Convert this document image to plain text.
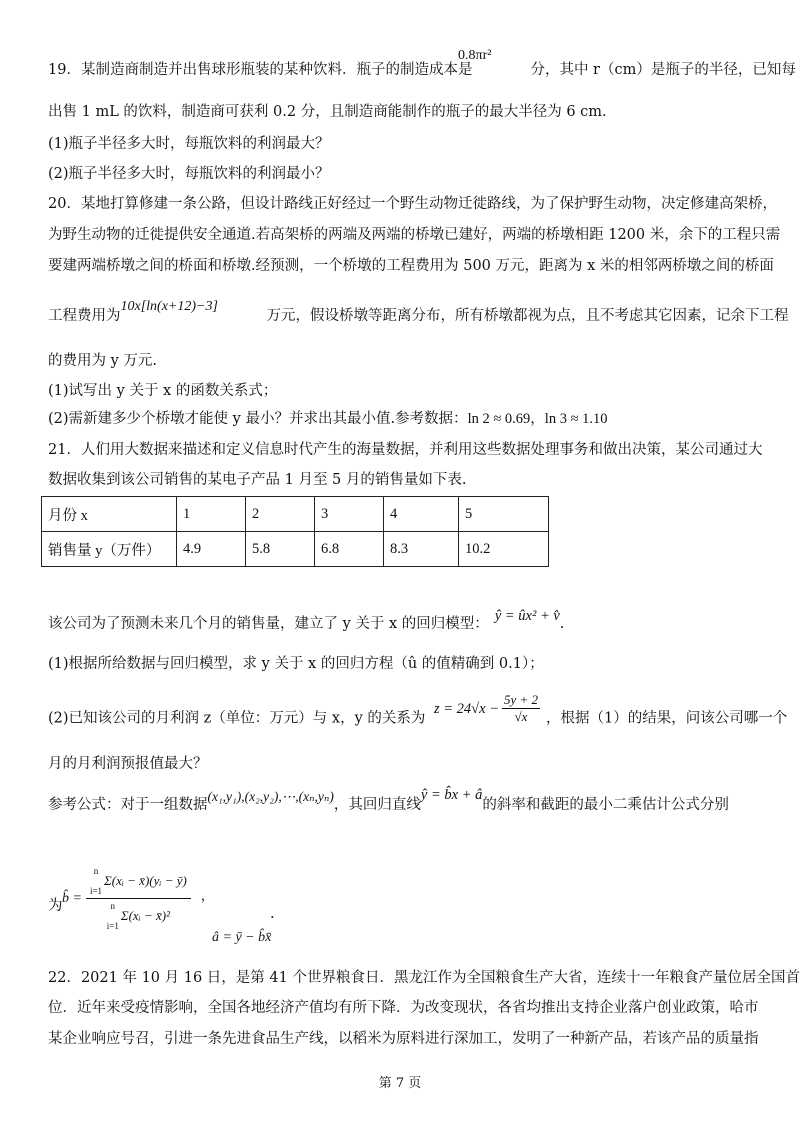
19．某制造商制造并出售球形瓶装的某种饮料．瓶子的制造成本是	分，其中 r（cm）是瓶子的半径，已知每
0.8πr²
出售 1 mL 的饮料，制造商可获利 0.2 分，且制造商能制作的瓶子的最大半径为 6 cm．
(1)瓶子半径多大时，每瓶饮料的利润最大？
(2)瓶子半径多大时，每瓶饮料的利润最小？
20．某地打算修建一条公路，但设计路线正好经过一个野生动物迁徙路线，为了保护野生动物，决定修建高架桥，
为野生动物的迁徙提供安全通道.若高架桥的两端及两端的桥墩已建好，两端的桥墩相距 1200 米，余下的工程只需
要建两端桥墩之间的桥面和桥墩.经预测，一个桥墩的工程费用为 500 万元，距离为 x 米的相邻两桥墩之间的桥面
工程费用为10x[ln(x+12)−3]万元，假设桥墩等距离分布，所有桥墩都视为点，且不考虑其它因素，记余下工程
的费用为 y 万元.
(1)试写出 y 关于 x 的函数关系式；
(2)需新建多少个桥墩才能使 y 最小？并求出其最小值.参考数据：ln 2 ≈ 0.69，ln 3 ≈ 1.10
21．人们用大数据来描述和定义信息时代产生的海量数据，并利用这些数据处理事务和做出决策，某公司通过大
数据收集到该公司销售的某电子产品 1 月至 5 月的销售量如下表.
月份 x	1	2	3	4	5
销售量 y（万件）	4.9	5.8	6.8	8.3	10.2
该公司为了预测未来几个月的销售量，建立了 y 关于 x 的回归模型： ŷ = ûx² + v̂.
(1)根据所给数据与回归模型，求 y 关于 x 的回归方程（û 的值精确到 0.1）；
(2)已知该公司的月利润 z（单位：万元）与 x，y 的关系为
$z = 24√x - \frac{5y + 2}{√x}$ ，根据（1）的结果，问该公司哪一个
月的月利润预报值最大？
参考公式：对于一组数据(x₁,y₁),(x₂,y₂),⋯,(xₙ,yₙ)，其回归直线ŷ = b̂x + â的斜率和截距的最小二乘估计公式分别
为 b̂ =
n
i=1
Σ(xᵢ − x̄)(yᵢ − ȳ)
n
i=1
Σ(xᵢ − x̄)²
，
â = ȳ − b̂x̄
.
22．2021 年 10 月 16 日，是第 41 个世界粮食日．黑龙江作为全国粮食生产大省，连续十一年粮食产量位居全国首
位．近年来受疫情影响，全国各地经济产值均有所下降．为改变现状，各省均推出支持企业落户创业政策，哈市
某企业响应号召，引进一条先进食品生产线，以稻米为原料进行深加工，发明了一种新产品，若该产品的质量指
第 7 页
